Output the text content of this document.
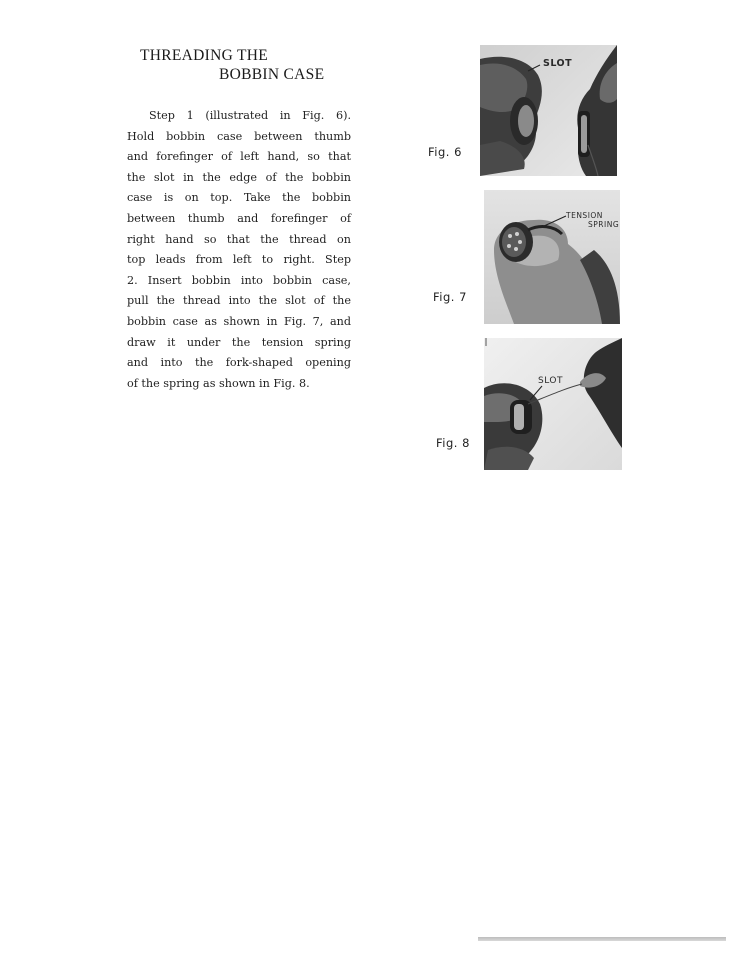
THREADING THE
BOBBIN CASE
Step 1 (illustrated in Fig. 6).
Hold bobbin case between thumb
and forefinger of left hand, so that
the slot in the edge of the bobbin
case is on top. Take the bobbin
between thumb and forefinger of
right hand so that the thread on
top leads from left to right. Step
2. Insert bobbin into bobbin case,
pull the thread into the slot of the
bobbin case as shown in Fig. 7, and
draw it under the tension spring
and into the fork-shaped opening
of the spring as shown in Fig. 8.
Fig. 6
SLOT
Fig. 7
TENSION
SPRING
Fig. 8
SLOT
